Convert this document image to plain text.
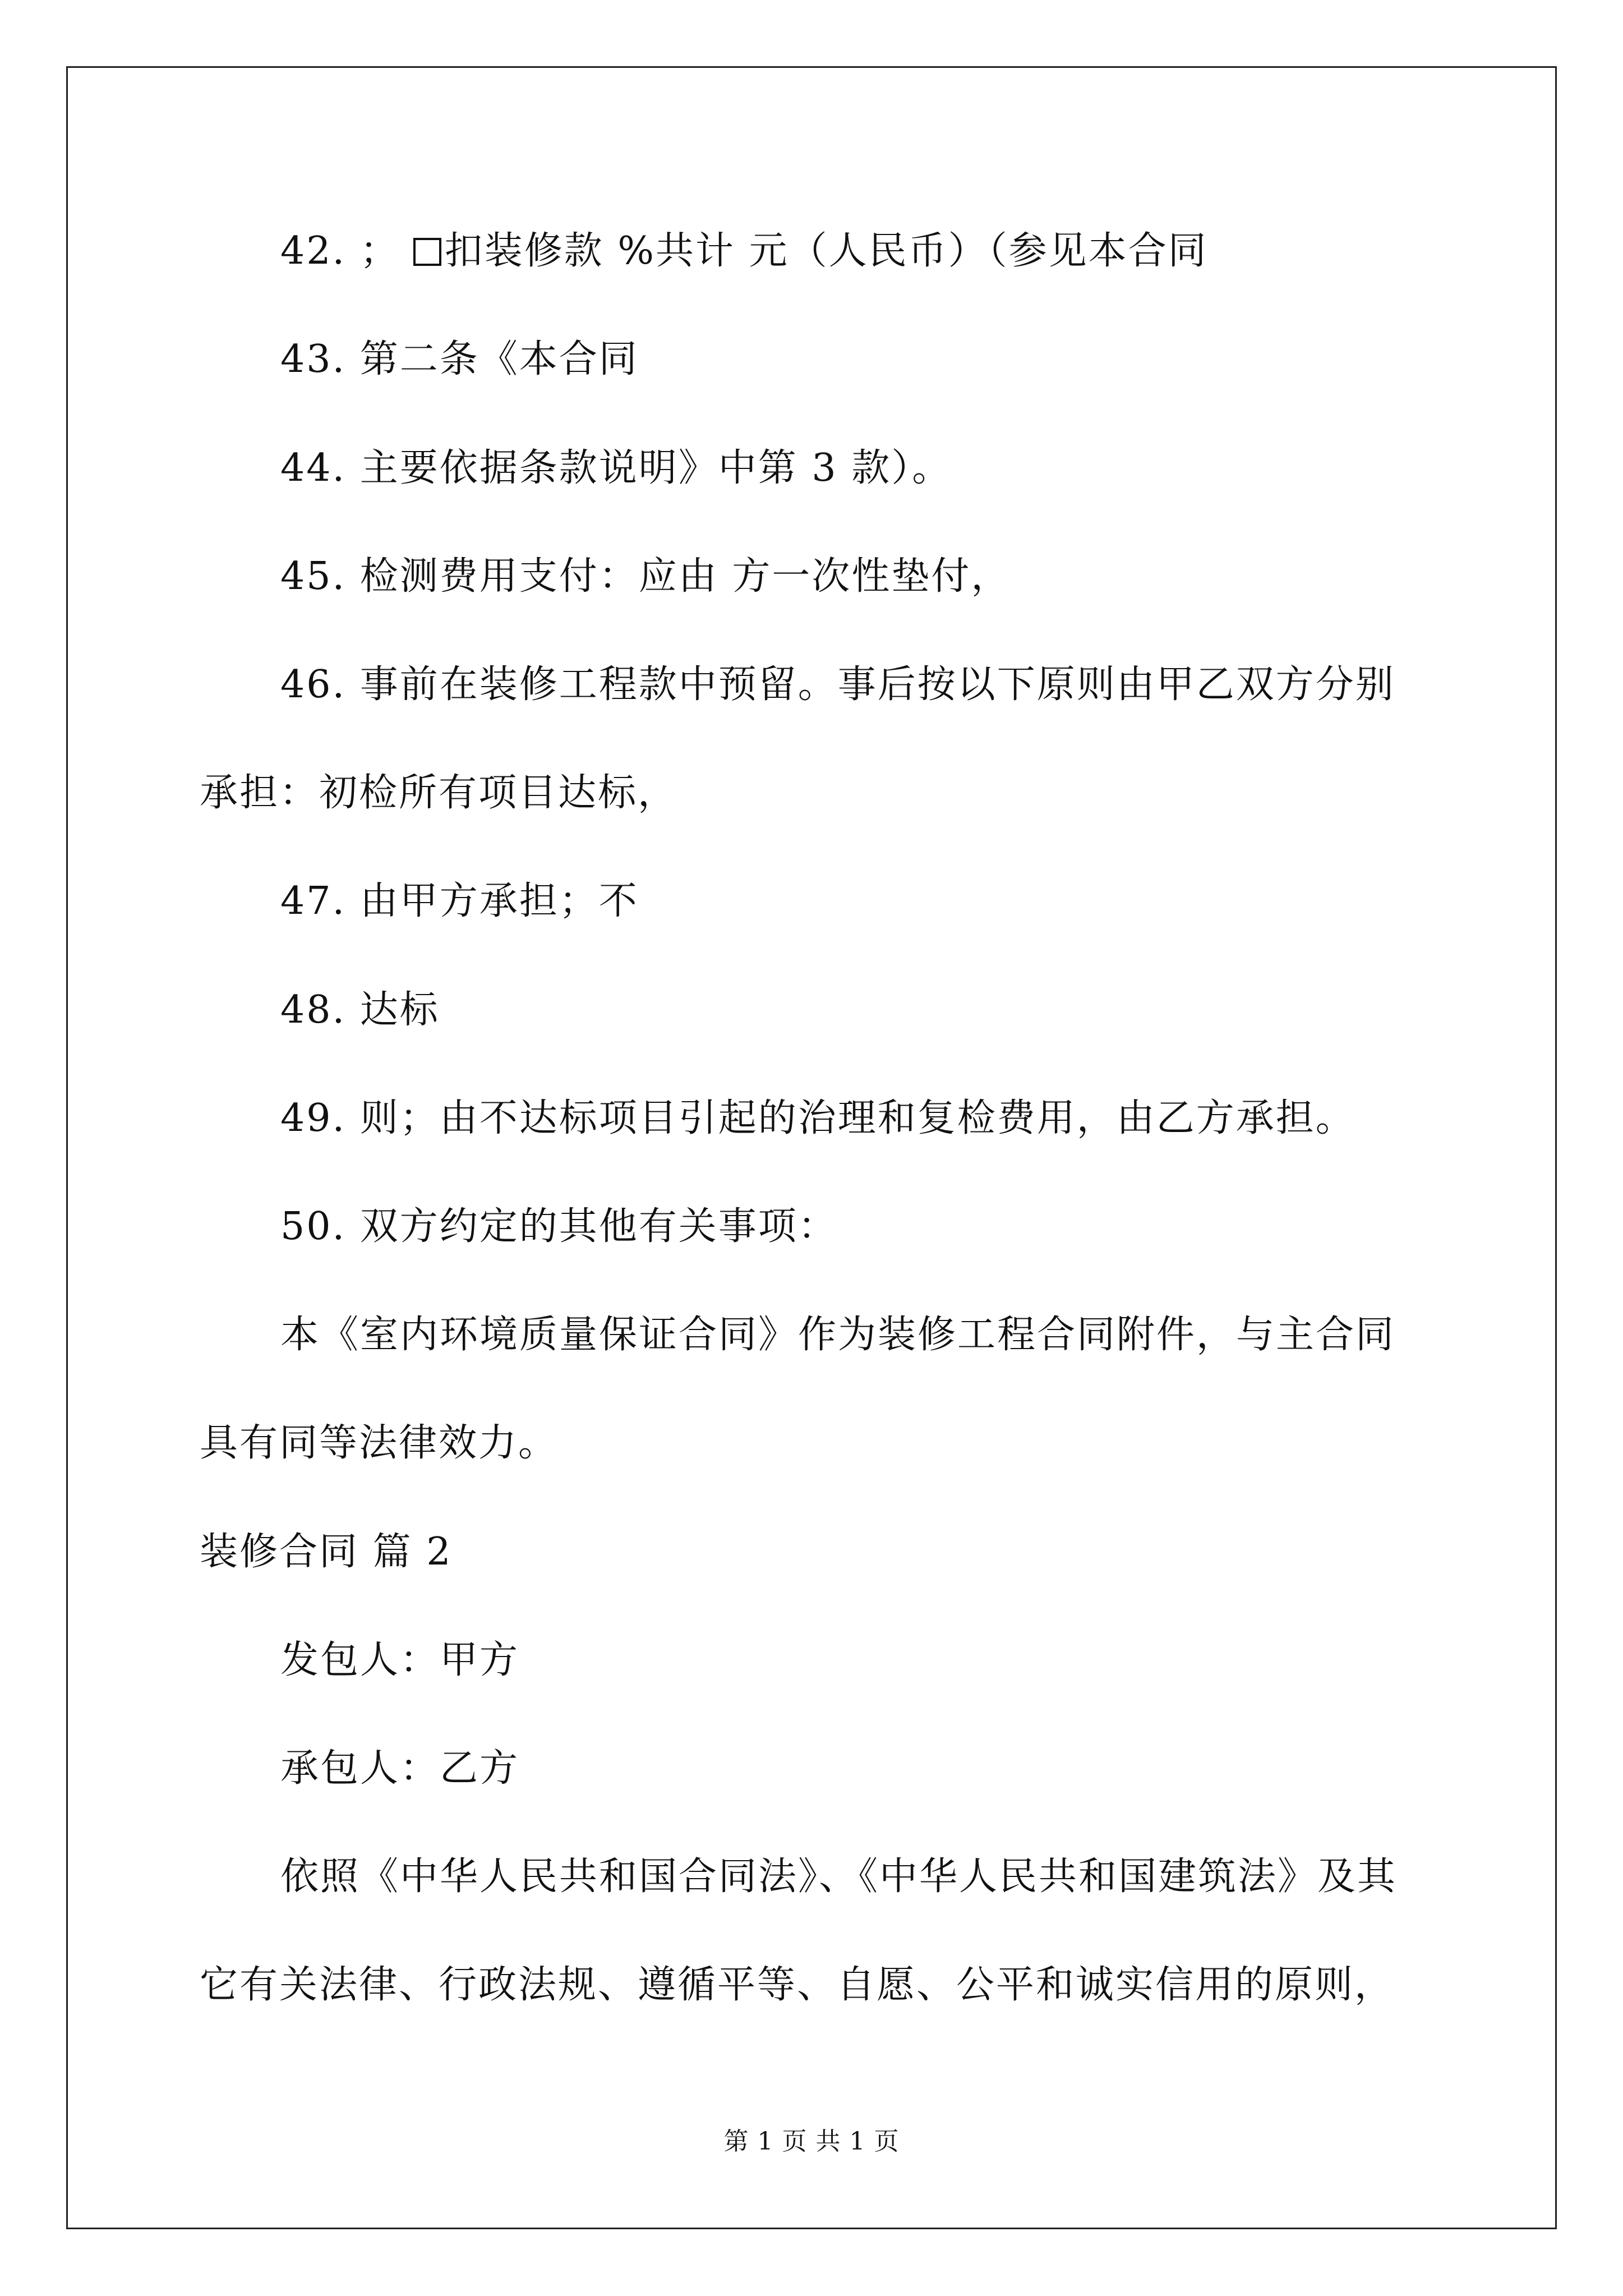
42. ； 扣装修款 %共计 元（人民币）（参见本合同
43. 第二条《本合同
44. 主要依据条款说明》中第 3 款）。
45. 检测费用支付：应由 方一次性垫付，
46. 事前在装修工程款中预留。事后按以下原则由甲乙双方分别
承担：初检所有项目达标，
47. 由甲方承担；不
48. 达标
49. 则；由不达标项目引起的治理和复检费用，由乙方承担。
50. 双方约定的其他有关事项：
本《室内环境质量保证合同》作为装修工程合同附件，与主合同
具有同等法律效力。
装修合同 篇 2
发包人：甲方
承包人：乙方
依照《中华人民共和国合同法》、《中华人民共和国建筑法》及其
它有关法律、行政法规、遵循平等、自愿、公平和诚实信用的原则，
第 1 页 共 1 页
